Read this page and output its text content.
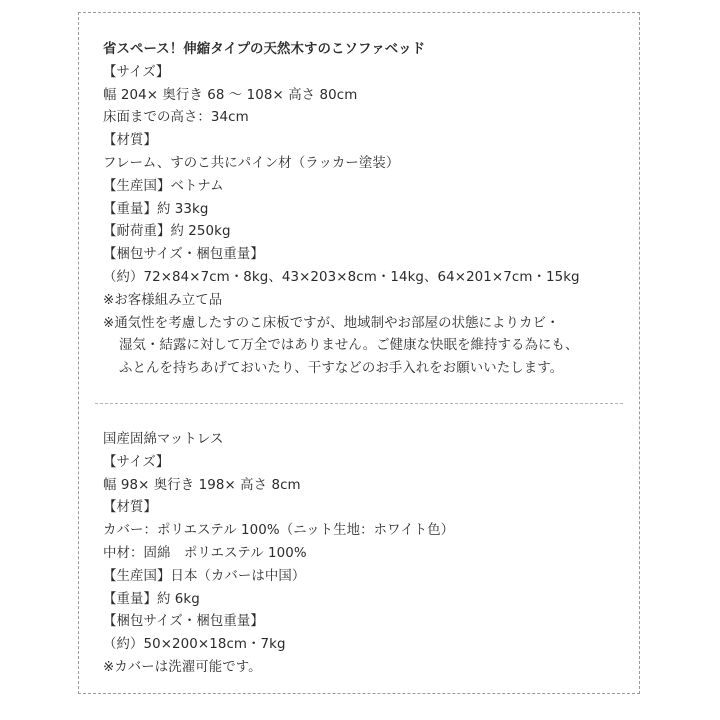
省スペース！伸縮タイプの天然木すのこソファベッド
【サイズ】
幅 204× 奥行き 68 ～ 108× 高さ 80cm
床面までの高さ：34cm
【材質】
フレーム、すのこ共にパイン材（ラッカー塗装）
【生産国】ベトナム
【重量】約 33kg
【耐荷重】約 250kg
【梱包サイズ・梱包重量】
（約）72×84×7cm・8kg、43×203×8cm・14kg、64×201×7cm・15kg
※お客様組み立て品
※通気性を考慮したすのこ床板ですが、地域制やお部屋の状態によりカビ・
湿気・結露に対して万全ではありません。ご健康な快眠を維持する為にも、
ふとんを持ちあげておいたり、干すなどのお手入れをお願いいたします。
国産固綿マットレス
【サイズ】
幅 98× 奥行き 198× 高さ 8cm
【材質】
カバー：ポリエステル 100%（ニット生地：ホワイト色）
中材：固綿　ポリエステル 100%
【生産国】日本（カバーは中国）
【重量】約 6kg
【梱包サイズ・梱包重量】
（約）50×200×18cm・7kg
※カバーは洗濯可能です。
